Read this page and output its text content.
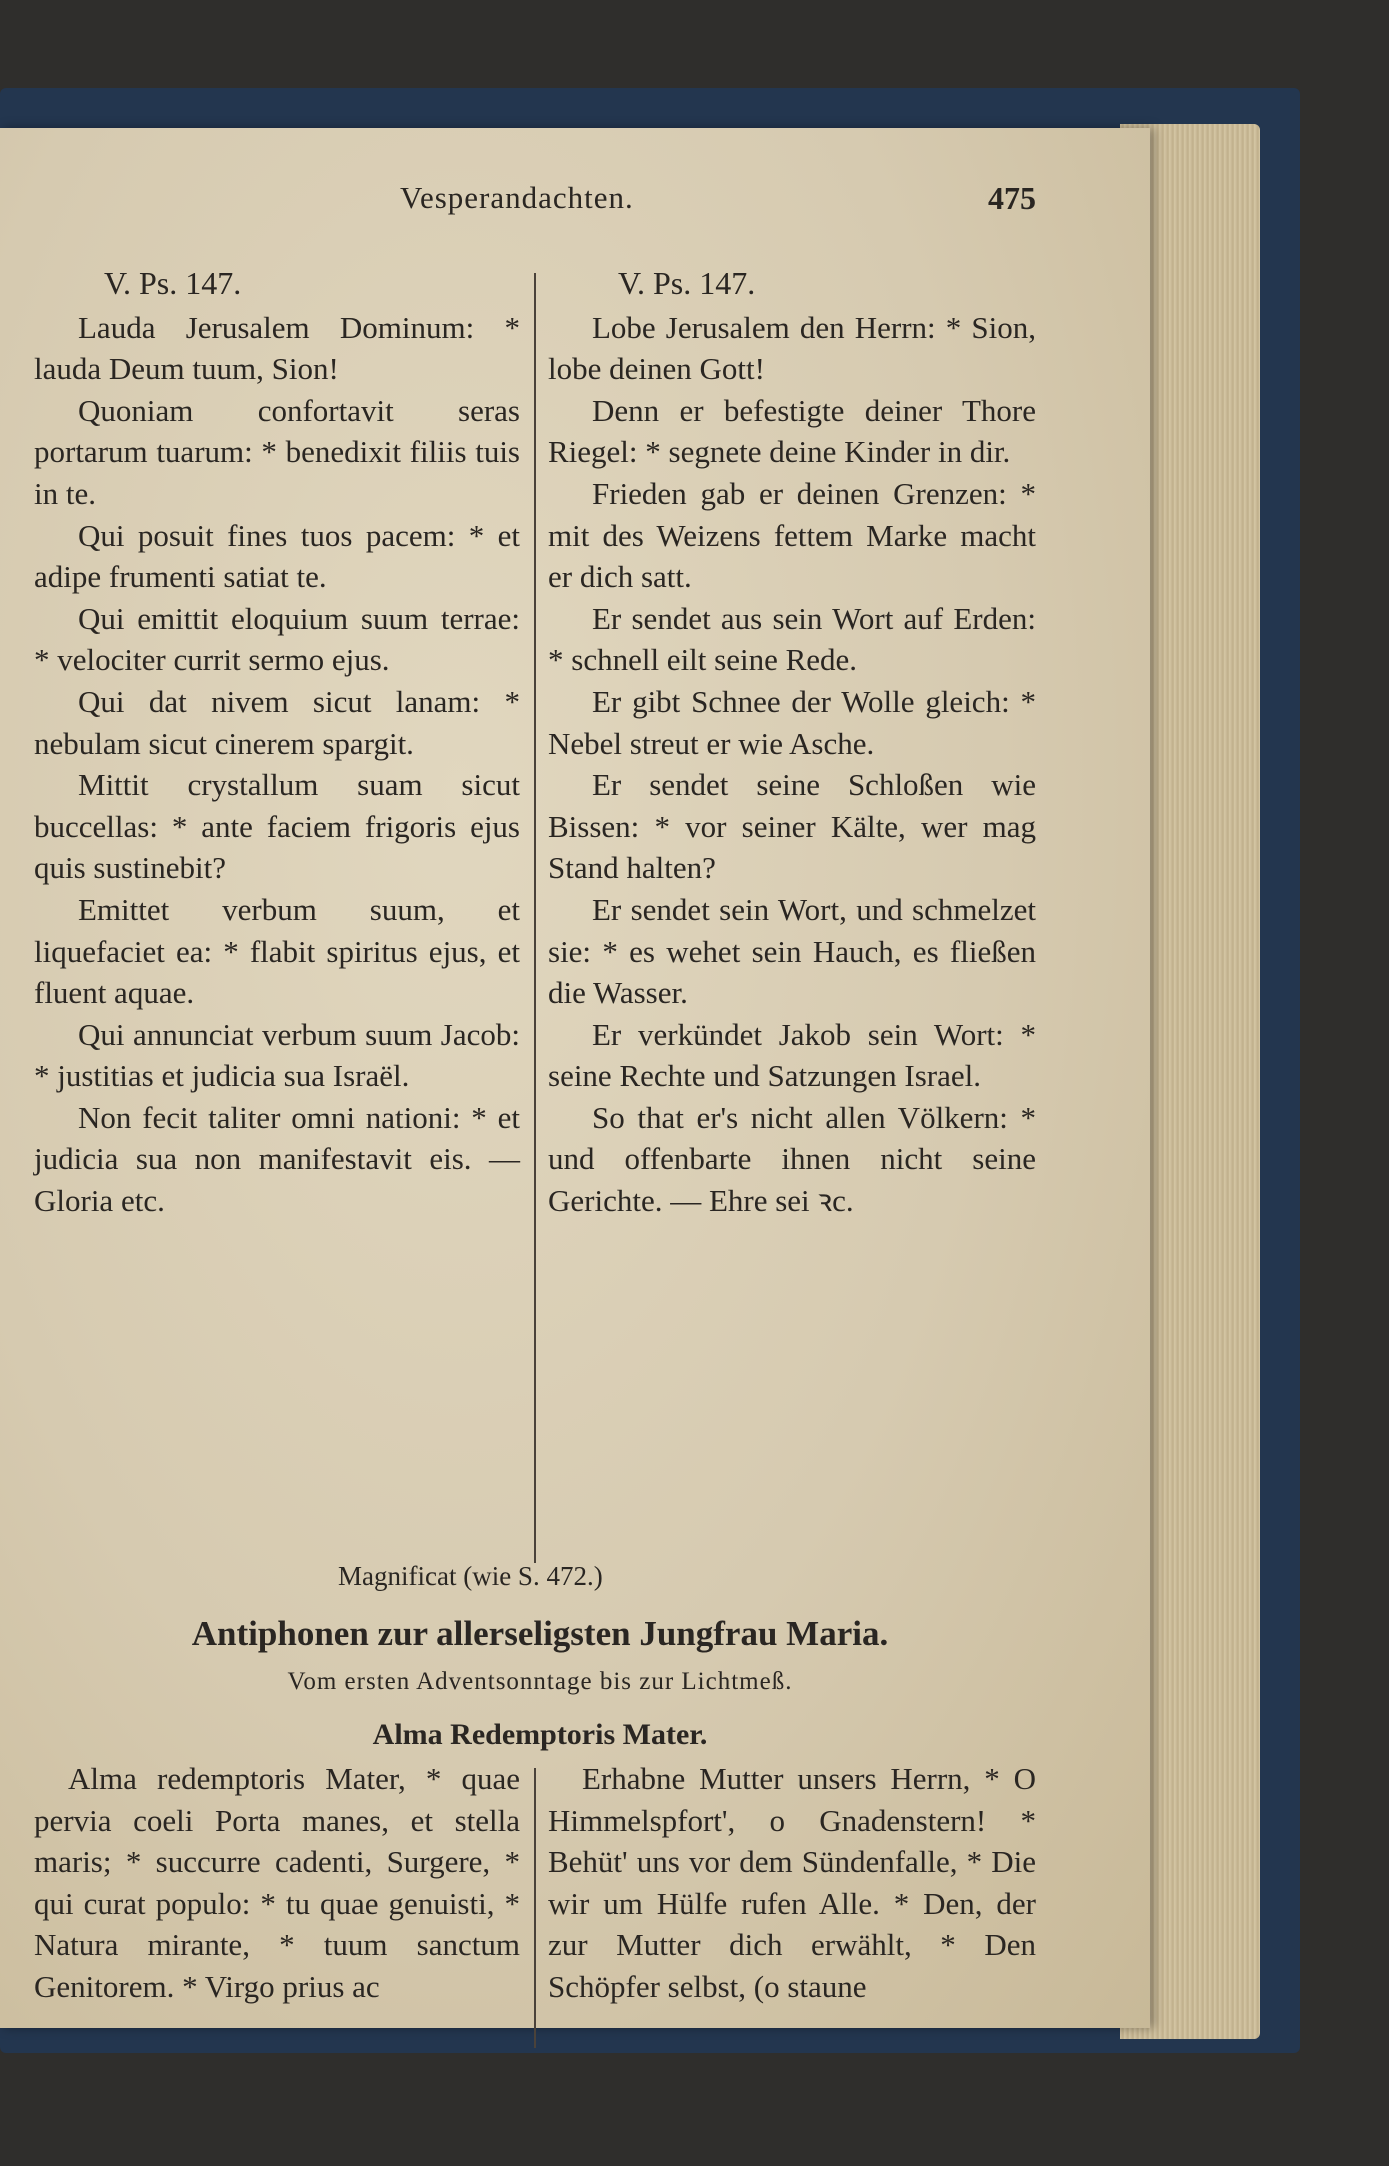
Vesperandachten.	475

V. Ps. 147.

Lauda Jerusalem Dominum: * lauda Deum tuum, Sion!

Quoniam confortavit seras portarum tuarum: * benedixit filiis tuis in te.

Qui posuit fines tuos pacem: * et adipe frumenti satiat te.

Qui emittit eloquium suum terrae: * velociter currit sermo ejus.

Qui dat nivem sicut lanam: * nebulam sicut cinerem spargit.

Mittit crystallum suam sicut buccellas: * ante faciem frigoris ejus quis sustinebit?

Emittet verbum suum, et liquefaciet ea: * flabit spiritus ejus, et fluent aquae.

Qui annunciat verbum suum Jacob: * justitias et judicia sua Israël.

Non fecit taliter omni nationi: * et judicia sua non manifestavit eis. — Gloria etc.

V. Ps. 147.

Lobe Jerusalem den Herrn: * Sion, lobe deinen Gott!

Denn er befestigte deiner Thore Riegel: * segnete deine Kinder in dir.

Frieden gab er deinen Grenzen: * mit des Weizens fettem Marke macht er dich satt.

Er sendet aus sein Wort auf Erden: * schnell eilt seine Rede.

Er gibt Schnee der Wolle gleich: * Nebel streut er wie Asche.

Er sendet seine Schloßen wie Bissen: * vor seiner Kälte, wer mag Stand halten?

Er sendet sein Wort, und schmelzet sie: * es wehet sein Hauch, es fließen die Wasser.

Er verkündet Jakob sein Wort: * seine Rechte und Satzungen Israel.

So that er's nicht allen Völkern: * und offenbarte ihnen nicht seine Gerichte. — Ehre sei ꝛc.

Magnificat (wie S. 472.)
Antiphonen zur allerseligsten Jungfrau Maria.
Vom ersten Adventsonntage bis zur Lichtmeß.
Alma Redemptoris Mater.

Alma redemptoris Mater, * quae pervia coeli Porta manes, et stella maris; * succurre cadenti, Surgere, * qui curat populo: * tu quae genuisti, * Natura mirante, * tuum sanctum Genitorem. * Virgo prius ac

Erhabne Mutter unsers Herrn, * O Himmelspfort', o Gnadenstern! * Behüt' uns vor dem Sündenfalle, * Die wir um Hülfe rufen Alle. * Den, der zur Mutter dich erwählt, * Den Schöpfer selbst, (o staune
